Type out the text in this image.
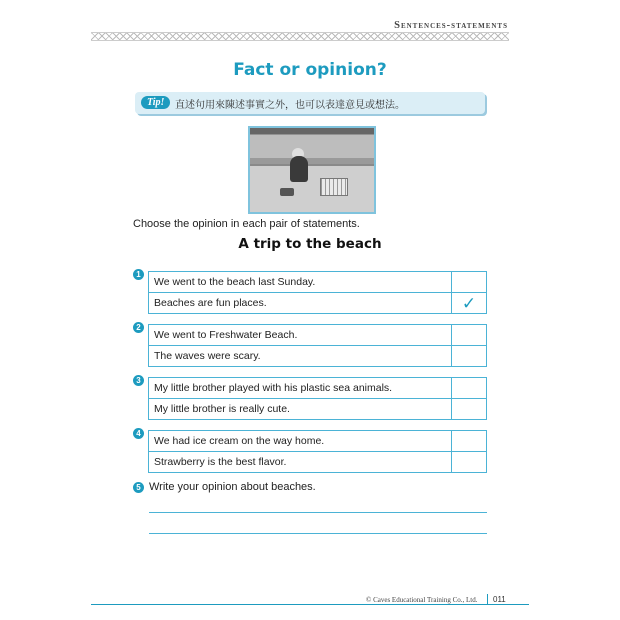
Sentences-statements
Fact or opinion?
Tip!	直述句用來陳述事實之外，也可以表達意見或想法。
Choose the opinion in each pair of statements.
A trip to the beach
1
We went to the beach last Sunday.	
Beaches are fun places.	✓
2
We went to Freshwater Beach.	
The waves were scary.	
3
My little brother played with his plastic sea animals.	
My little brother is really cute.	
4
We had ice cream on the way home.	
Strawberry is the best flavor.	
5 Write your opinion about beaches.
© Caves Educational Training Co., Ltd. 011
